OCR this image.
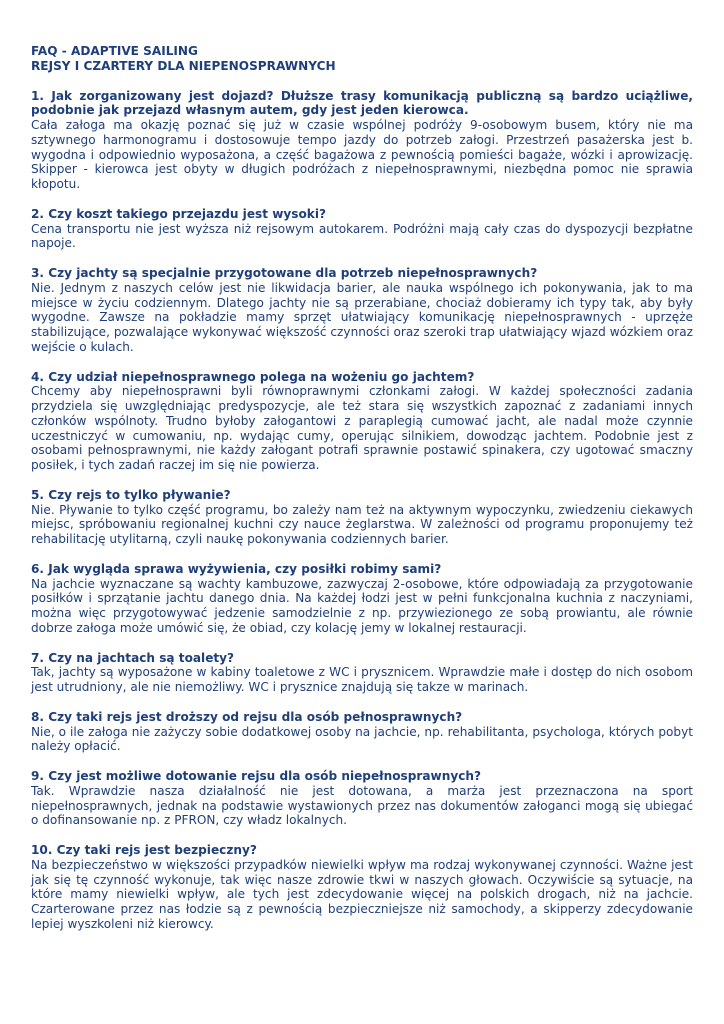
FAQ - ADAPTIVE SAILING

REJSY I CZARTERY DLA NIEPENOSPRAWNYCH

1. Jak zorganizowany jest dojazd? Dłuższe trasy komunikacją publiczną są bardzo uciążliwe, podobnie jak przejazd własnym autem, gdy jest jeden kierowca.

Cała załoga ma okazję poznać się już w czasie wspólnej podróży 9-osobowym busem, który nie ma sztywnego harmonogramu i dostosowuje tempo jazdy do potrzeb załogi. Przestrzeń pasażerska jest b. wygodna i odpowiednio wyposażona, a część bagażowa z pewnością pomieści bagaże, wózki i aprowizację. Skipper - kierowca jest obyty w długich podróżach z niepełnosprawnymi, niezbędna pomoc nie sprawia kłopotu.

2. Czy koszt takiego przejazdu jest wysoki?

Cena transportu nie jest wyższa niż rejsowym autokarem. Podróżni mają cały czas do dyspozycji bezpłatne napoje.

3. Czy jachty są specjalnie przygotowane dla potrzeb niepełnosprawnych?

Nie. Jednym z naszych celów jest nie likwidacja barier, ale nauka wspólnego ich pokonywania, jak to ma miejsce w życiu codziennym. Dlatego jachty nie są przerabiane, chociaż dobieramy ich typy tak, aby były wygodne. Zawsze na pokładzie mamy sprzęt ułatwiający komunikację niepełnosprawnych - uprzęże stabilizujące, pozwalające wykonywać większość czynności oraz szeroki trap ułatwiający wjazd wózkiem oraz wejście o kulach.

4. Czy udział niepełnosprawnego polega na wożeniu go jachtem?

Chcemy aby niepełnosprawni byli równoprawnymi członkami załogi. W każdej społeczności zadania przydziela się uwzględniając predyspozycje, ale też stara się wszystkich zapoznać z zadaniami innych członków wspólnoty. Trudno byłoby załogantowi z paraplegią cumować jacht, ale nadal może czynnie uczestniczyć w cumowaniu, np. wydając cumy, operując silnikiem, dowodząc jachtem. Podobnie jest z osobami pełnosprawnymi, nie każdy załogant potrafi sprawnie postawić spinakera, czy ugotować smaczny posiłek, i tych zadań raczej im się nie powierza.

5. Czy rejs to tylko pływanie?

Nie. Pływanie to tylko część programu, bo zależy nam też na aktywnym wypoczynku, zwiedzeniu ciekawych miejsc, spróbowaniu regionalnej kuchni czy nauce żeglarstwa. W zależności od programu proponujemy też rehabilitację utylitarną, czyli naukę pokonywania codziennych barier.

6. Jak wygląda sprawa wyżywienia, czy posiłki robimy sami?

Na jachcie wyznaczane są wachty kambuzowe, zazwyczaj 2-osobowe, które odpowiadają za przygotowanie posiłków i sprzątanie jachtu danego dnia. Na każdej łodzi jest w pełni funkcjonalna kuchnia z naczyniami, można więc przygotowywać jedzenie samodzielnie z np. przywiezionego ze sobą prowiantu, ale równie dobrze załoga może umówić się, że obiad, czy kolację jemy w lokalnej restauracji.

7. Czy na jachtach są toalety?

Tak, jachty są wyposażone w kabiny toaletowe z WC i prysznicem. Wprawdzie małe i dostęp do nich osobom jest utrudniony, ale nie niemożliwy. WC i prysznice znajdują się takze w marinach.

8. Czy taki rejs jest droższy od rejsu dla osób pełnosprawnych?

Nie, o ile załoga nie zażyczy sobie dodatkowej osoby na jachcie, np. rehabilitanta, psychologa, których pobyt należy opłacić.

9. Czy jest możliwe dotowanie rejsu dla osób niepełnosprawnych?

Tak. Wprawdzie nasza działalność nie jest dotowana, a marża jest przeznaczona na sport niepełnosprawnych, jednak na podstawie wystawionych przez nas dokumentów załoganci mogą się ubiegać o dofinansowanie np. z PFRON, czy władz lokalnych.

10. Czy taki rejs jest bezpieczny?

Na bezpieczeństwo w większości przypadków niewielki wpływ ma rodzaj wykonywanej czynności. Ważne jest jak się tę czynność wykonuje, tak więc nasze zdrowie tkwi w naszych głowach. Oczywiście są sytuacje, na które mamy niewielki wpływ, ale tych jest zdecydowanie więcej na polskich drogach, niż na jachcie. Czarterowane przez nas łodzie są z pewnością bezpieczniejsze niż samochody, a skipperzy zdecydowanie lepiej wyszkoleni niż kierowcy.
